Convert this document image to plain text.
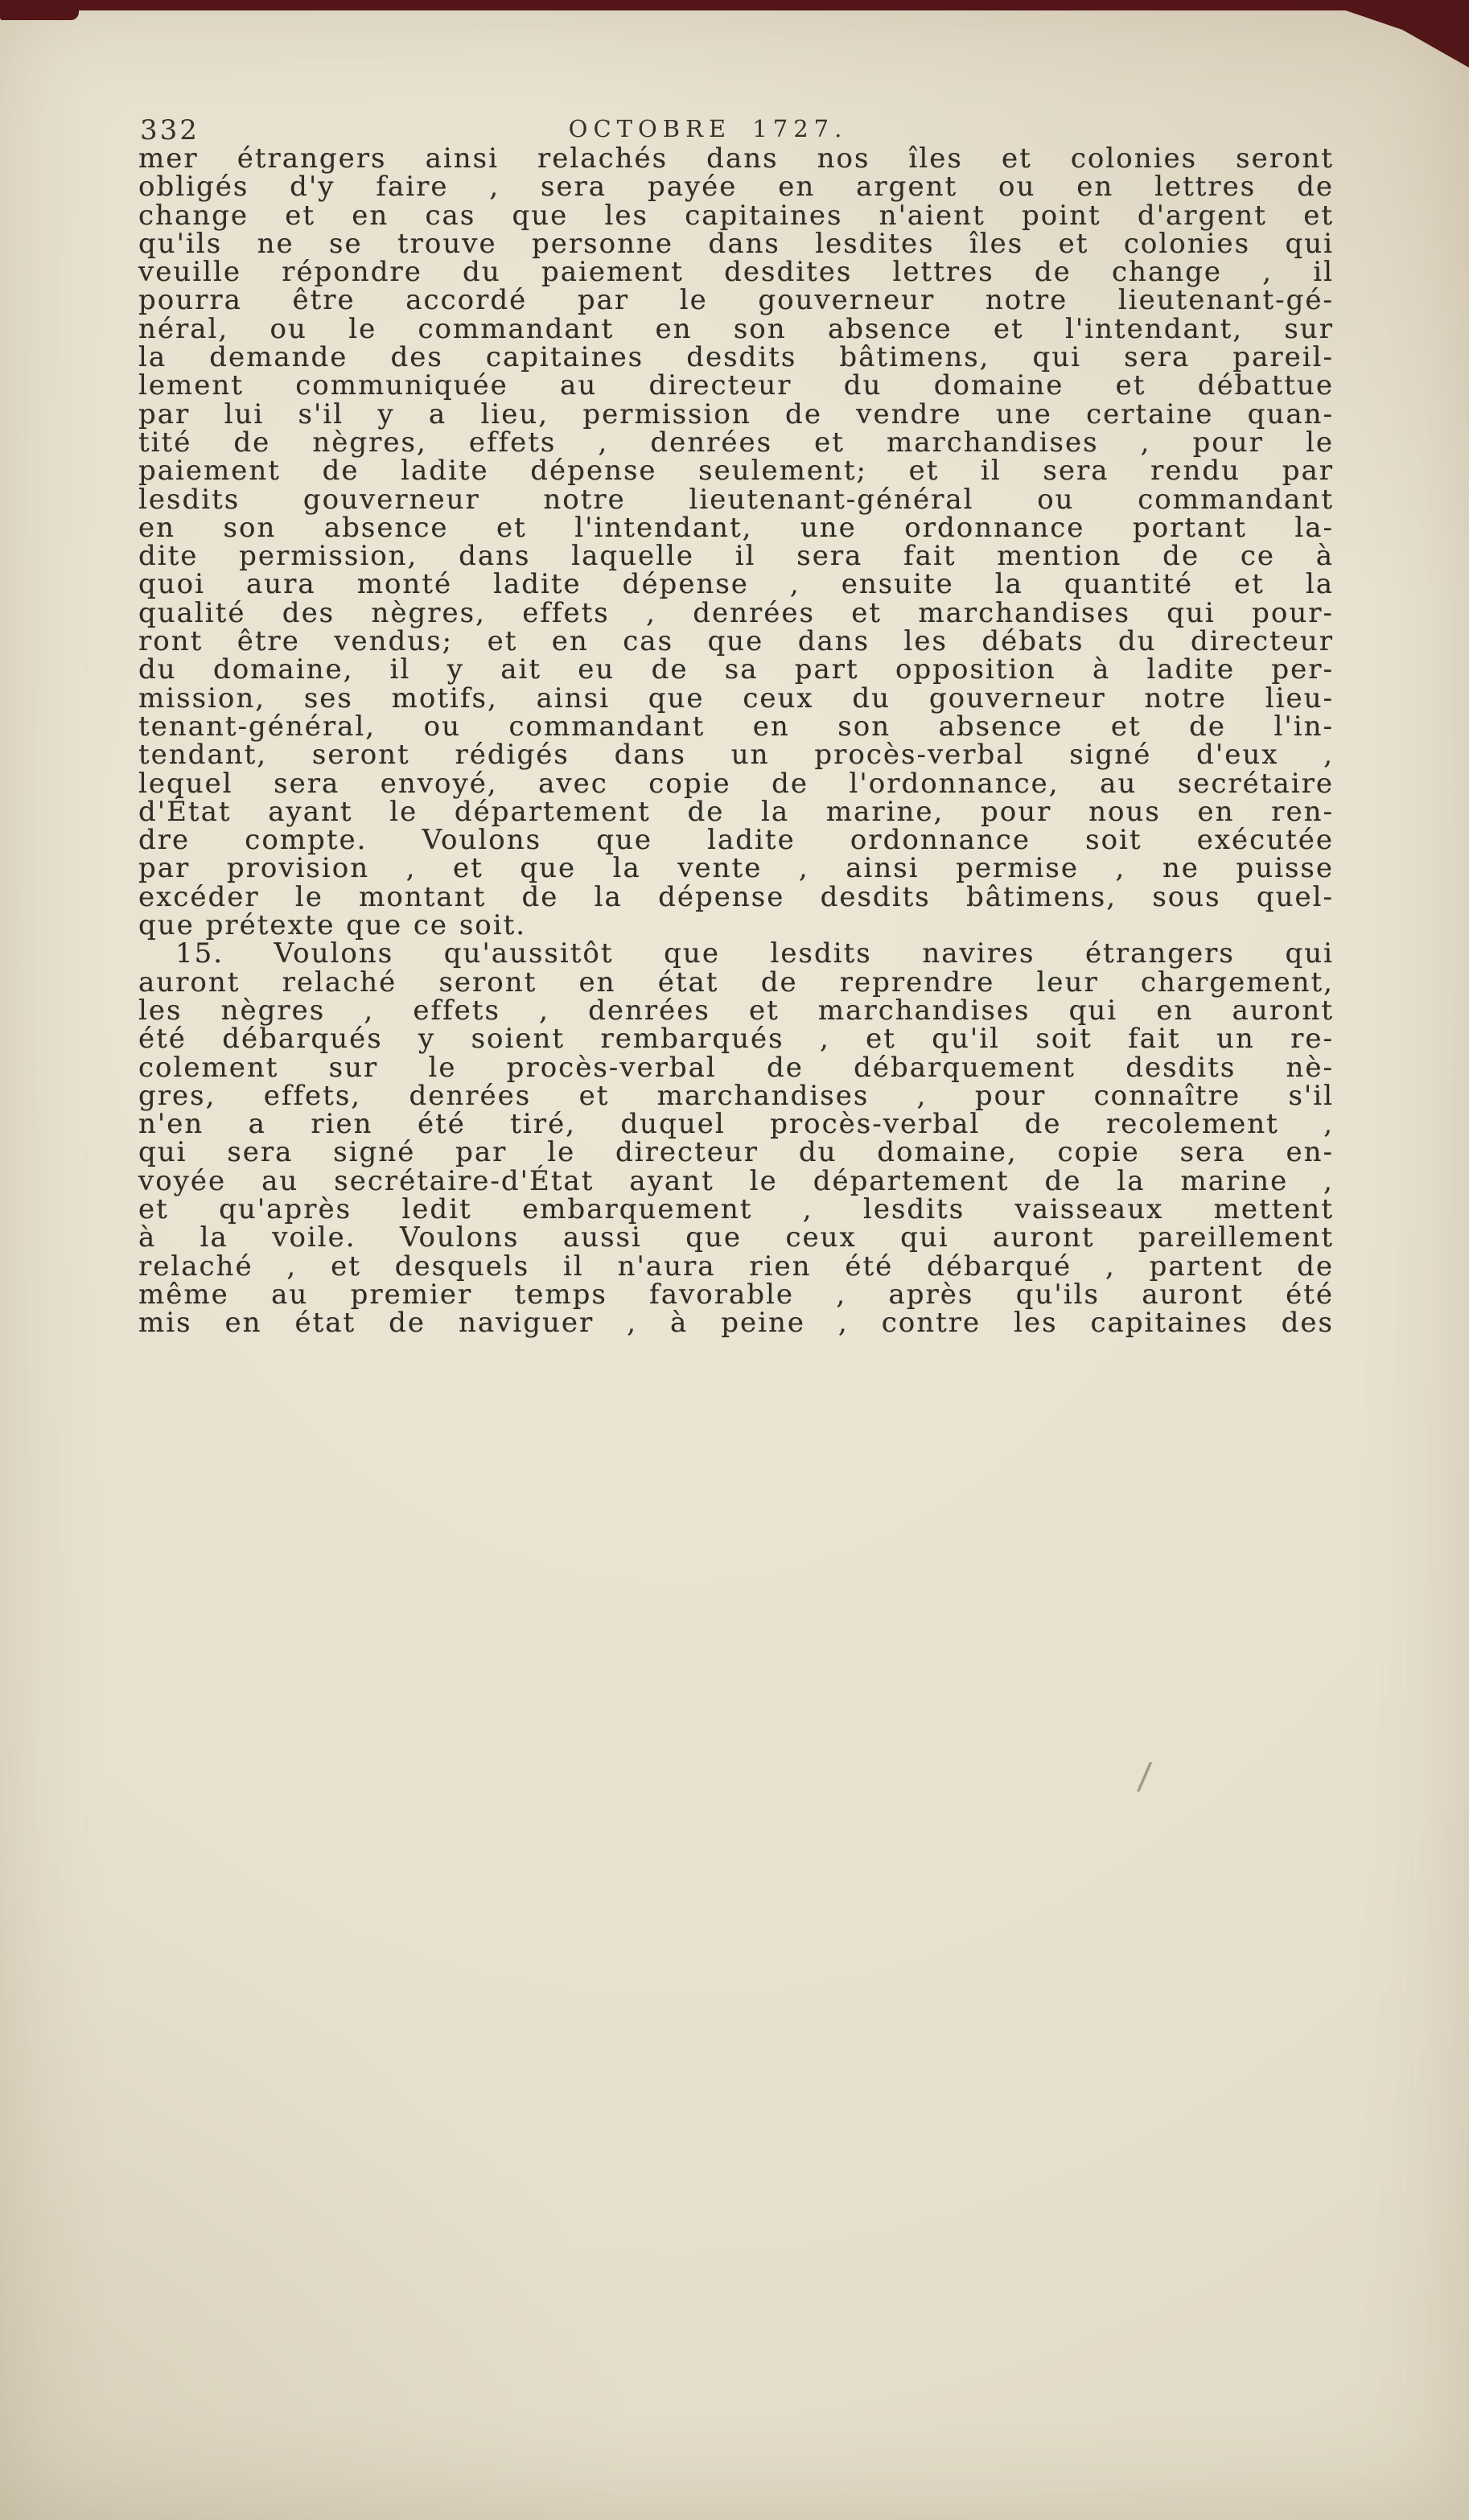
332	OCTOBRE 1727.
mer étrangers ainsi relachés dans nos îles et colonies seront
obligés d'y faire , sera payée en argent ou en lettres de
change et en cas que les capitaines n'aient point d'argent et
qu'ils ne se trouve personne dans lesdites îles et colonies qui
veuille répondre du paiement desdites lettres de change , il
pourra être accordé par le gouverneur notre lieutenant-gé-
néral, ou le commandant en son absence et l'intendant, sur
la demande des capitaines desdits bâtimens, qui sera pareil-
lement communiquée au directeur du domaine et débattue
par lui s'il y a lieu, permission de vendre une certaine quan-
tité de nègres, effets , denrées et marchandises , pour le
paiement de ladite dépense seulement; et il sera rendu par
lesdits gouverneur notre lieutenant-général ou commandant
en son absence et l'intendant, une ordonnance portant la-
dite permission, dans laquelle il sera fait mention de ce à
quoi aura monté ladite dépense , ensuite la quantité et la
qualité des nègres, effets , denrées et marchandises qui pour-
ront être vendus; et en cas que dans les débats du directeur
du domaine, il y ait eu de sa part opposition à ladite per-
mission, ses motifs, ainsi que ceux du gouverneur notre lieu-
tenant-général, ou commandant en son absence et de l'in-
tendant, seront rédigés dans un procès-verbal signé d'eux ,
lequel sera envoyé, avec copie de l'ordonnance, au secrétaire
d'État ayant le département de la marine, pour nous en ren-
dre compte. Voulons que ladite ordonnance soit exécutée
par provision , et que la vente , ainsi permise , ne puisse
excéder le montant de la dépense desdits bâtimens, sous quel-
que prétexte que ce soit.
15. Voulons qu'aussitôt que lesdits navires étrangers qui
auront relaché seront en état de reprendre leur chargement,
les nègres , effets , denrées et marchandises qui en auront
été débarqués y soient rembarqués , et qu'il soit fait un re-
colement sur le procès-verbal de débarquement desdits nè-
gres, effets, denrées et marchandises , pour connaître s'il
n'en a rien été tiré, duquel procès-verbal de recolement ,
qui sera signé par le directeur du domaine, copie sera en-
voyée au secrétaire-d'État ayant le département de la marine ,
et qu'après ledit embarquement , lesdits vaisseaux mettent
à la voile. Voulons aussi que ceux qui auront pareillement
relaché , et desquels il n'aura rien été débarqué , partent de
même au premier temps favorable , après qu'ils auront été
mis en état de naviguer , à peine , contre les capitaines des
/
